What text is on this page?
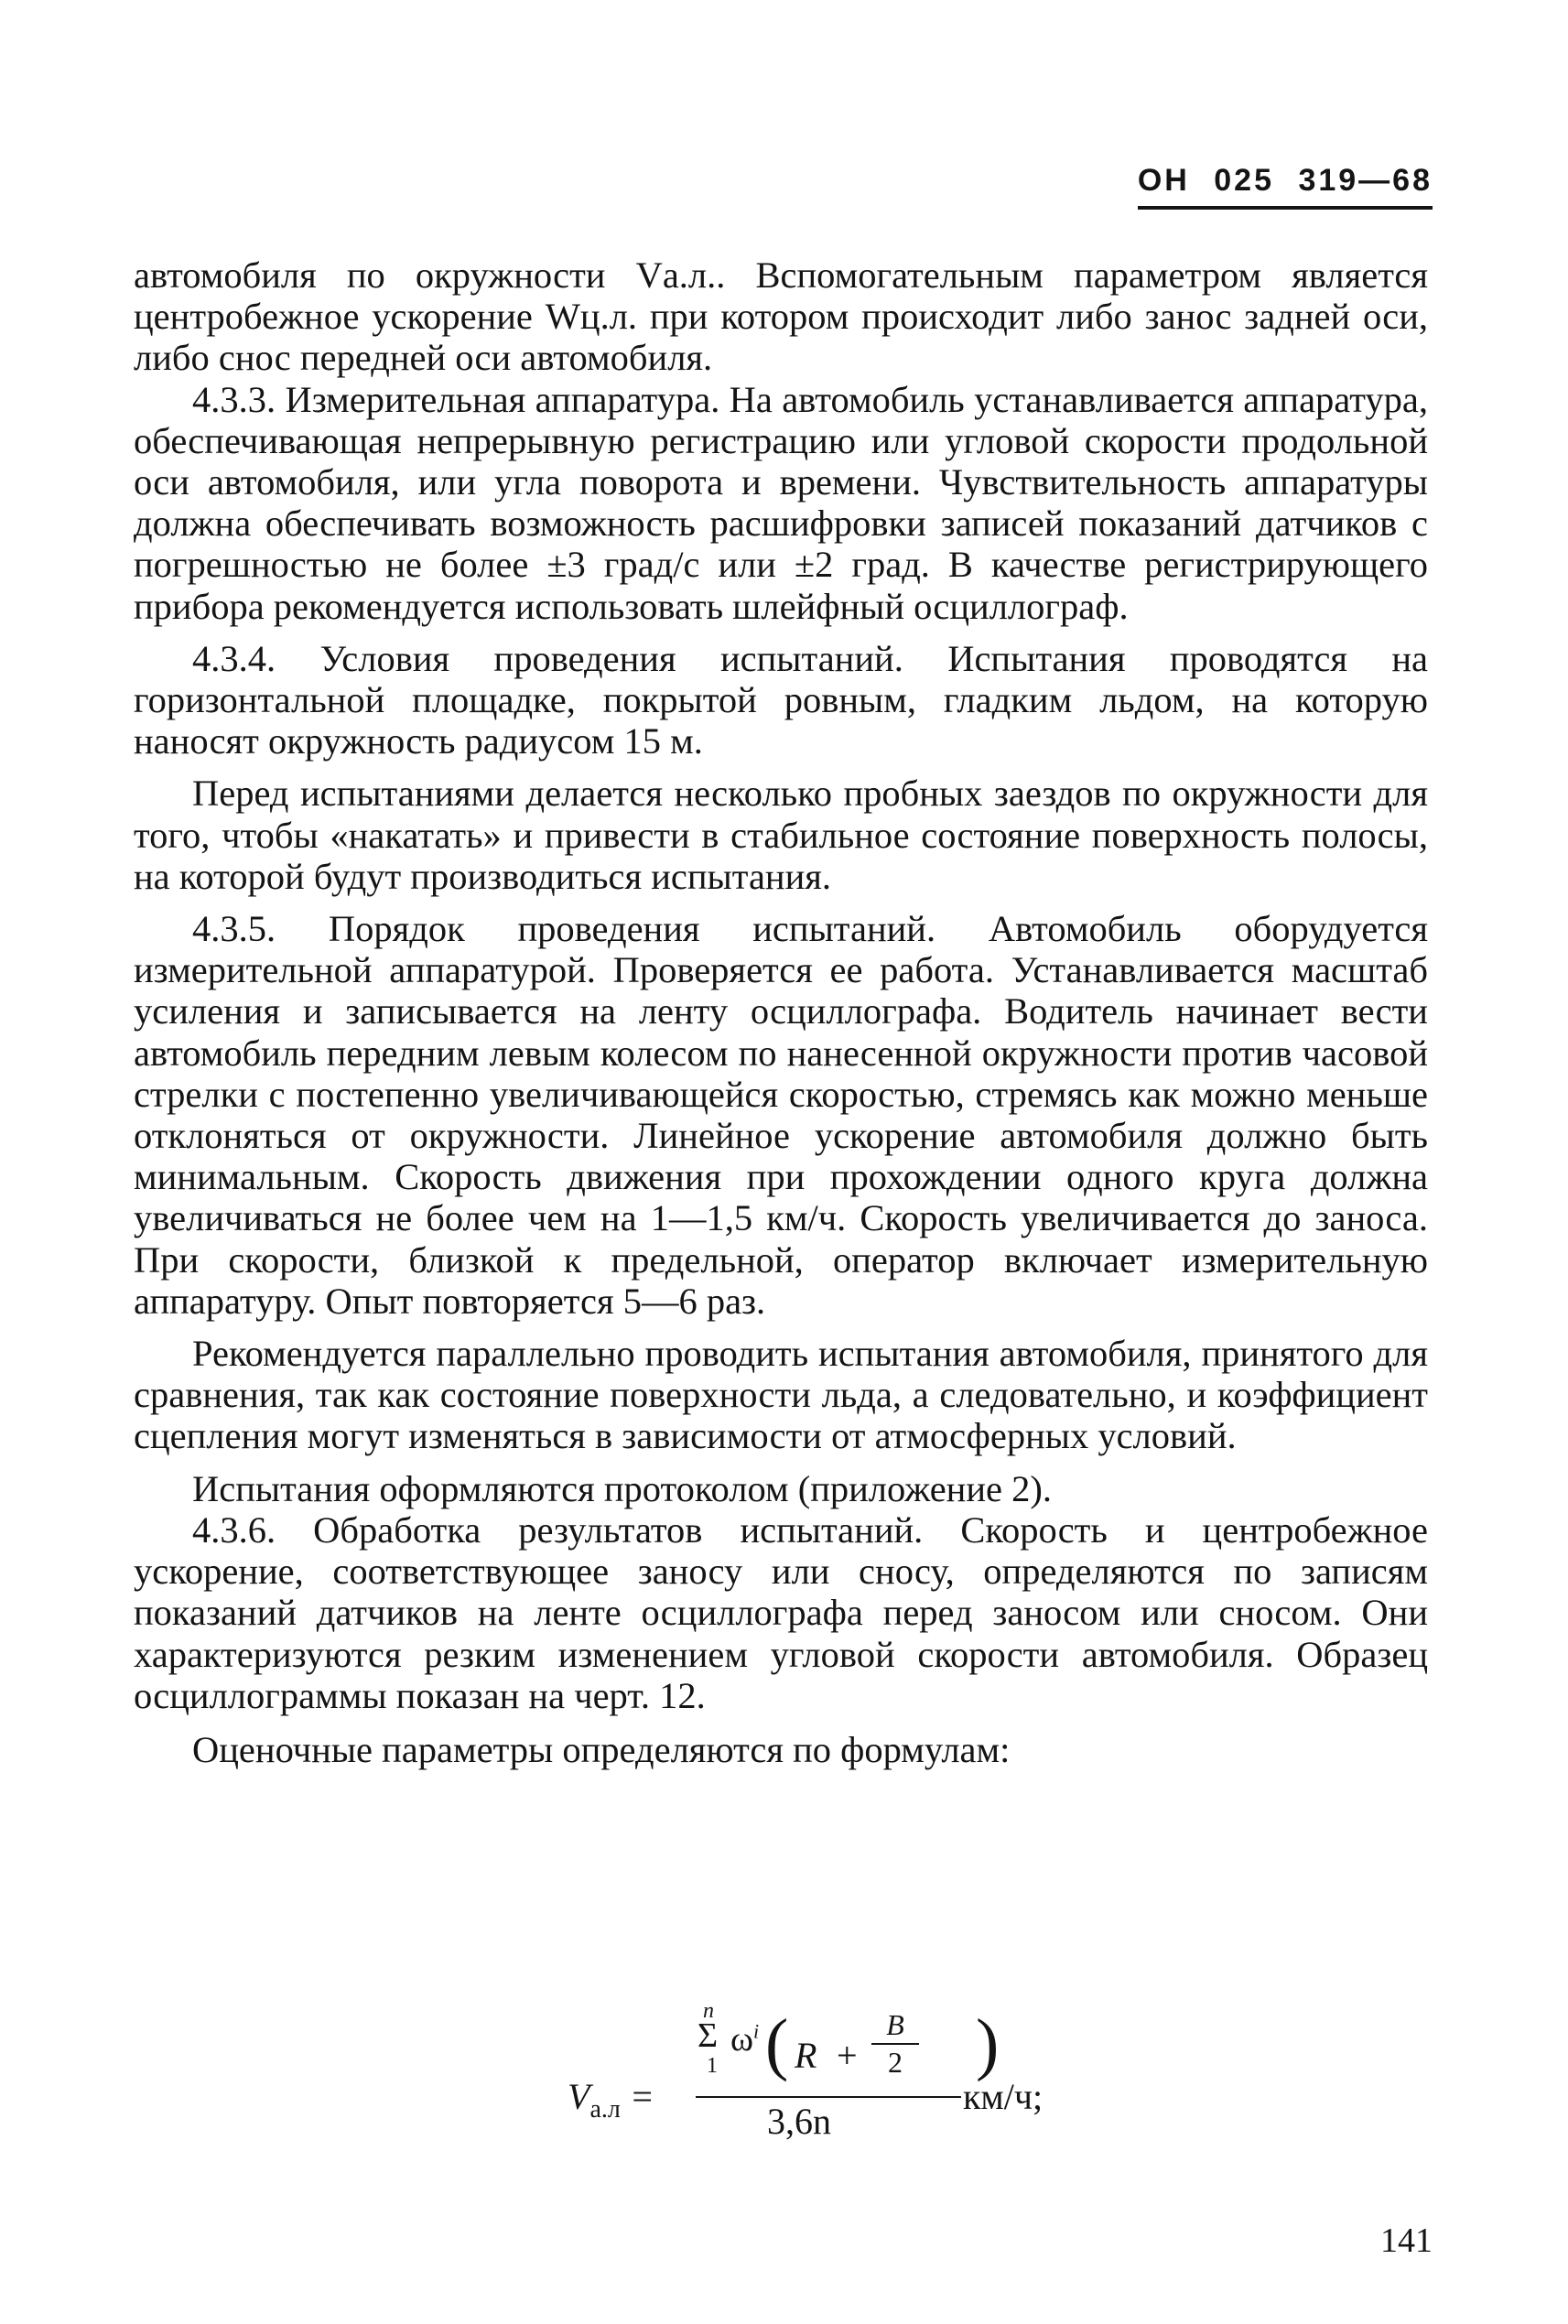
ОН 025 319—68

автомобиля по окружности Vа.л.. Вспомогательным параметром является центробежное ускорение Wц.л. при котором происходит либо занос задней оси, либо снос передней оси автомобиля.

4.3.3. Измерительная аппаратура. На автомобиль устанавливается аппаратура, обеспечивающая непрерывную регистрацию или угловой скорости продольной оси автомобиля, или угла поворота и времени. Чувствительность аппаратуры должна обеспечивать возможность расшифровки записей показаний датчиков с погрешностью не более ±3 град/с или ±2 град. В качестве регистрирующего прибора рекомендуется использовать шлейфный осциллограф.

4.3.4. Условия проведения испытаний. Испытания проводятся на горизонтальной площадке, покрытой ровным, гладким льдом, на которую наносят окружность радиусом 15 м.

Перед испытаниями делается несколько пробных заездов по окружности для того, чтобы «накатать» и привести в стабильное состояние поверхность полосы, на которой будут производиться испытания.

4.3.5. Порядок проведения испытаний. Автомобиль оборудуется измерительной аппаратурой. Проверяется ее работа. Устанавливается масштаб усиления и записывается на ленту осциллографа. Водитель начинает вести автомобиль передним левым колесом по нанесенной окружности против часовой стрелки с постепенно увеличивающейся скоростью, стремясь как можно меньше отклоняться от окружности. Линейное ускорение автомобиля должно быть минимальным. Скорость движения при прохождении одного круга должна увеличиваться не более чем на 1—1,5 км/ч. Скорость увеличивается до заноса. При скорости, близкой к предельной, оператор включает измерительную аппаратуру. Опыт повторяется 5—6 раз.

Рекомендуется параллельно проводить испытания автомобиля, принятого для сравнения, так как состояние поверхности льда, а следовательно, и коэффициент сцепления могут изменяться в зависимости от атмосферных условий.

Испытания оформляются протоколом (приложение 2).

4.3.6. Обработка результатов испытаний. Скорость и центробежное ускорение, соответствующее заносу или сносу, определяются по записям показаний датчиков на ленте осциллографа перед заносом или сносом. Они характеризуются резким изменением угловой скорости автомобиля. Образец осциллограммы показан на черт. 12.

Оценочные параметры определяются по формулам:

$V_{а.л}$ =
n
Σ
1
$\omega^i$ ( R +
B
2 )
3,6n
км/ч;
141
